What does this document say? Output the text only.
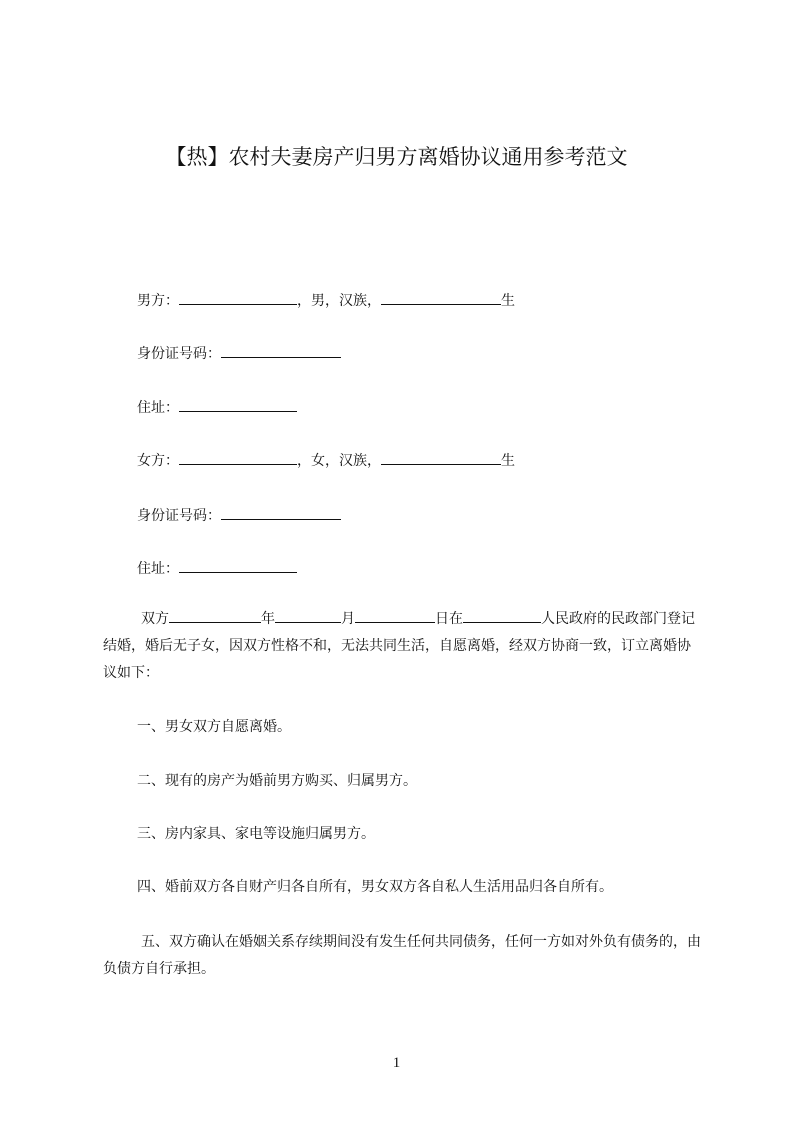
【热】农村夫妻房产归男方离婚协议通用参考范文
男方：	，男，汉族，	生
身份证号码：
住址：
女方：	，女，汉族，	生
身份证号码：
住址：
双方	年	月	日在	人民政府的民政部门登记结婚，婚后无子女，因双方性格不和，无法共同生活，自愿离婚，经双方协商一致，订立离婚协议如下：
一、男女双方自愿离婚。
二、现有的房产为婚前男方购买、归属男方。
三、房内家具、家电等设施归属男方。
四、婚前双方各自财产归各自所有，男女双方各自私人生活用品归各自所有。
五、双方确认在婚姻关系存续期间没有发生任何共同债务，任何一方如对外负有债务的，由负债方自行承担。
1
